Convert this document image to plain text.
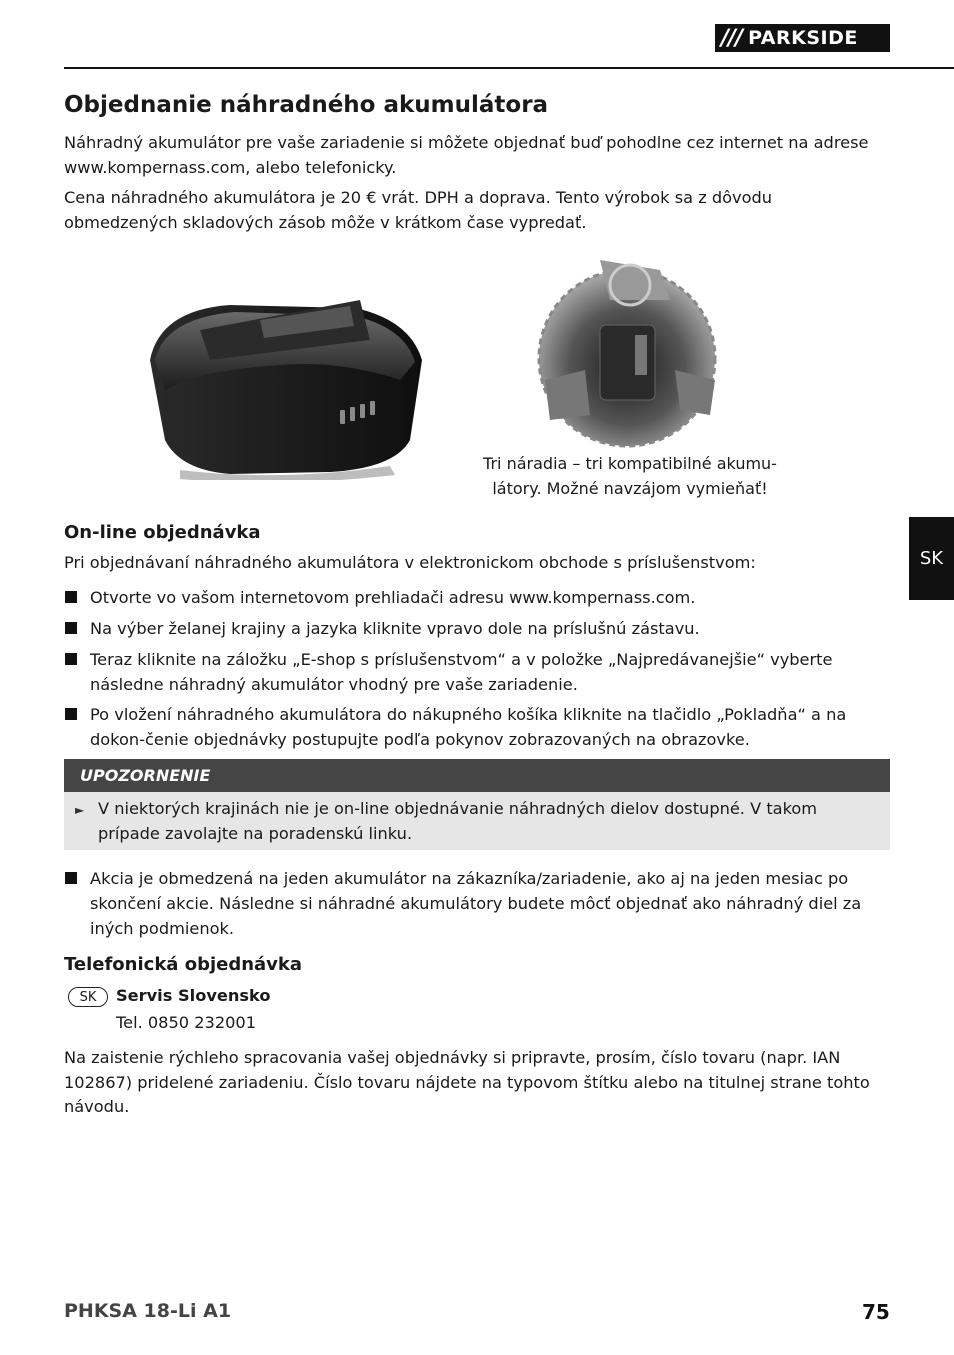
/// PARKSIDE
Objednanie náhradného akumulátora

Náhradný akumulátor pre vaše zariadenie si môžete objednať buď pohodlne cez internet na adrese www.kompernass.com, alebo telefonicky.

Cena náhradného akumulátora je 20 € vrát. DPH a doprava. Tento výrobok sa z dôvodu obmedzených skladových zásob môže v krátkom čase vypredať.

Tri náradia – tri kompatibilné akumu-
látory. Možné navzájom vymieňať!
SK
On-line objednávka

Pri objednávaní náhradného akumulátora v elektronickom obchode s príslušenstvom:

Otvorte vo vašom internetovom prehliadači adresu www.kompernass.com.
Na výber želanej krajiny a jazyka kliknite vpravo dole na príslušnú zástavu.
Teraz kliknite na záložku „E-shop s príslušenstvom“ a v položke „Najpredávanejšie“ vyberte následne náhradný akumulátor vhodný pre vaše zariadenie.
Po vložení náhradného akumulátora do nákupného košíka kliknite na tlačidlo „Pokladňa“ a na dokon-čenie objednávky postupujte podľa pokynov zobrazovaných na obrazovke.
UPOZORNENIE
V niektorých krajinách nie je on-line objednávanie náhradných dielov dostupné. V takom prípade zavolajte na poradenskú linku.
►
Akcia je obmedzená na jeden akumulátor na zákazníka/zariadenie, ako aj na jeden mesiac po skončení akcie. Následne si náhradné akumulátory budete môcť objednať ako náhradný diel za iných podmienok.
Telefonická objednávka
SK	Servis Slovensko
Tel. 0850 232001

Na zaistenie rýchleho spracovania vašej objednávky si pripravte, prosím, číslo tovaru (napr. IAN 102867) pridelené zariadeniu. Číslo tovaru nájdete na typovom štítku alebo na titulnej strane tohto návodu.

PHKSA 18-Li A1	75
